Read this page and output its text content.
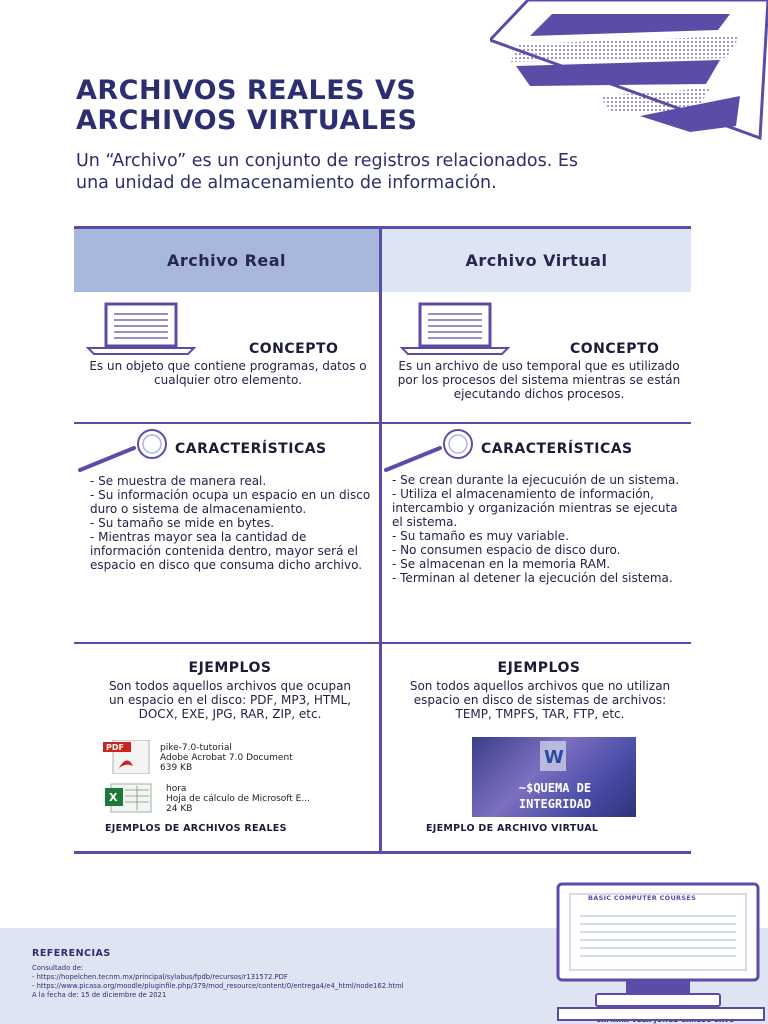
ARCHIVOS REALES VS
ARCHIVOS VIRTUALES
Un “Archivo” es un conjunto de registros relacionados. Es una unidad de almacenamiento de información.
Archivo Real	Archivo Virtual
CONCEPTO
Es un objeto que contiene programas, datos o cualquier otro elemento.
CONCEPTO
Es un archivo de uso temporal que es utilizado por los procesos del sistema mientras se están ejecutando dichos procesos.
CARACTERÍSTICAS
- Se muestra de manera real.
- Su información ocupa un espacio en un disco duro o sistema de almacenamiento.
- Su tamaño se mide en bytes.
- Mientras mayor sea la cantidad de información contenida dentro, mayor será el espacio en disco que consuma dicho archivo.
CARACTERÍSTICAS
- Se crean durante la ejecucuión de un sistema.
- Utiliza el almacenamiento de información, intercambio y organización mientras se ejecuta el sistema.
- Su tamaño es muy variable.
- No consumen espacio de disco duro.
- Se almacenan en la memoria RAM.
- Terminan al detener la ejecución del sistema.
EJEMPLOS
Son todos aquellos archivos que ocupan un espacio en el disco: PDF, MP3, HTML, DOCX, EXE, JPG, RAR, ZIP, etc.
EJEMPLOS
Son todos aquellos archivos que no utilizan espacio en disco de sistemas de archivos: TEMP, TMPFS, TAR, FTP, etc.
PDF	pike-7.0-tutorial
Adobe Acrobat 7.0 Document
639 KB
X
hora
Hoja de cálculo de Microsoft E...
24 KB
EJEMPLOS DE ARCHIVOS REALES
W
~$QUEMA DE
INTEGRIDAD
EJEMPLO DE ARCHIVO VIRTUAL
REFERENCIAS
Consultado de:
- https://hopelchen.tecnm.mx/principal/sylabus/fpdb/recursos/r131572.PDF
- https://www.picasa.org/moodle/pluginfile.php/379/mod_resource/content/0/entrega4/e4_html/node162.html
A la fecha de: 15 de diciembre de 2021
BASIC COMPUTER COURSES
